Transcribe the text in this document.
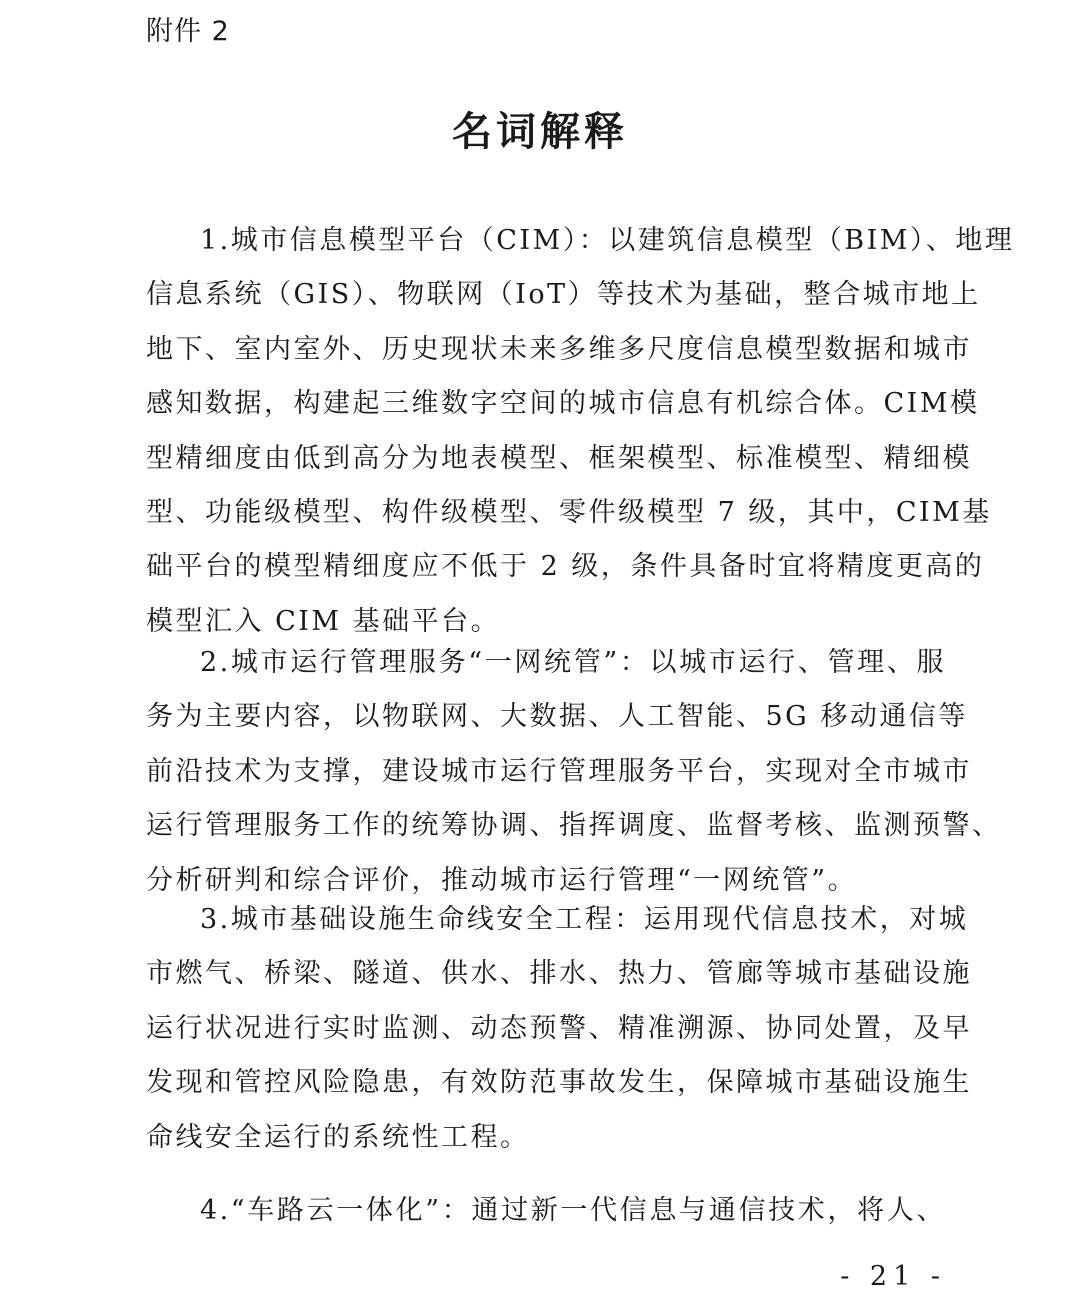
附件 2
名词解释
1.城市信息模型平台（CIM）：以建筑信息模型（BIM）、地理
信息系统（GIS）、物联网（IoT）等技术为基础，整合城市地上
地下、室内室外、历史现状未来多维多尺度信息模型数据和城市
感知数据，构建起三维数字空间的城市信息有机综合体。CIM模
型精细度由低到高分为地表模型、框架模型、标准模型、精细模
型、功能级模型、构件级模型、零件级模型 7 级，其中，CIM基
础平台的模型精细度应不低于 2 级，条件具备时宜将精度更高的
模型汇入 CIM 基础平台。
2.城市运行管理服务“一网统管”：以城市运行、管理、服
务为主要内容，以物联网、大数据、人工智能、5G 移动通信等
前沿技术为支撑，建设城市运行管理服务平台，实现对全市城市
运行管理服务工作的统筹协调、指挥调度、监督考核、监测预警、
分析研判和综合评价，推动城市运行管理“一网统管”。
3.城市基础设施生命线安全工程：运用现代信息技术，对城
市燃气、桥梁、隧道、供水、排水、热力、管廊等城市基础设施
运行状况进行实时监测、动态预警、精准溯源、协同处置，及早
发现和管控风险隐患，有效防范事故发生，保障城市基础设施生
命线安全运行的系统性工程。
4.“车路云一体化”：通过新一代信息与通信技术，将人、
- 21 -
